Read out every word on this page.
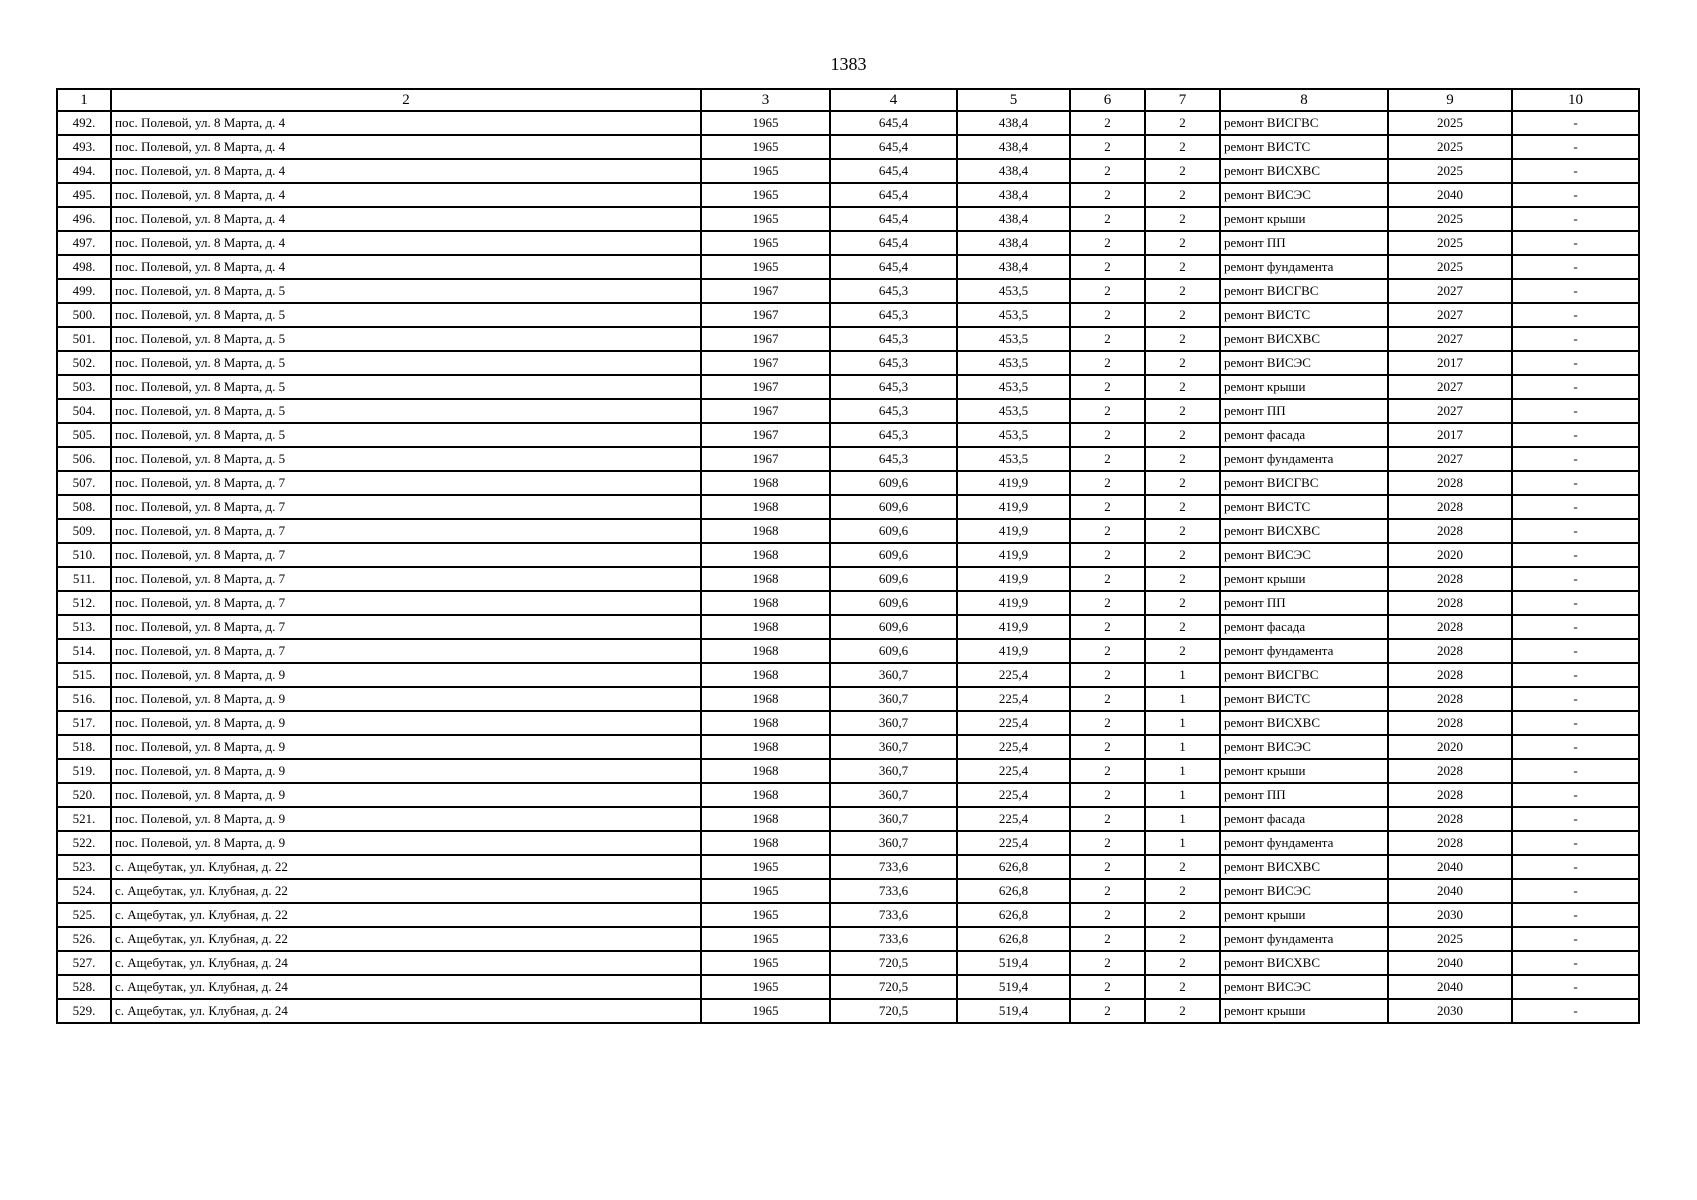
1383
1	2	3	4	5	6	7	8	9	10
492.	пос. Полевой, ул. 8 Марта, д. 4	1965	645,4	438,4	2	2	ремонт ВИСГВС	2025	-
493.	пос. Полевой, ул. 8 Марта, д. 4	1965	645,4	438,4	2	2	ремонт ВИСТС	2025	-
494.	пос. Полевой, ул. 8 Марта, д. 4	1965	645,4	438,4	2	2	ремонт ВИСХВС	2025	-
495.	пос. Полевой, ул. 8 Марта, д. 4	1965	645,4	438,4	2	2	ремонт ВИСЭС	2040	-
496.	пос. Полевой, ул. 8 Марта, д. 4	1965	645,4	438,4	2	2	ремонт крыши	2025	-
497.	пос. Полевой, ул. 8 Марта, д. 4	1965	645,4	438,4	2	2	ремонт ПП	2025	-
498.	пос. Полевой, ул. 8 Марта, д. 4	1965	645,4	438,4	2	2	ремонт фундамента	2025	-
499.	пос. Полевой, ул. 8 Марта, д. 5	1967	645,3	453,5	2	2	ремонт ВИСГВС	2027	-
500.	пос. Полевой, ул. 8 Марта, д. 5	1967	645,3	453,5	2	2	ремонт ВИСТС	2027	-
501.	пос. Полевой, ул. 8 Марта, д. 5	1967	645,3	453,5	2	2	ремонт ВИСХВС	2027	-
502.	пос. Полевой, ул. 8 Марта, д. 5	1967	645,3	453,5	2	2	ремонт ВИСЭС	2017	-
503.	пос. Полевой, ул. 8 Марта, д. 5	1967	645,3	453,5	2	2	ремонт крыши	2027	-
504.	пос. Полевой, ул. 8 Марта, д. 5	1967	645,3	453,5	2	2	ремонт ПП	2027	-
505.	пос. Полевой, ул. 8 Марта, д. 5	1967	645,3	453,5	2	2	ремонт фасада	2017	-
506.	пос. Полевой, ул. 8 Марта, д. 5	1967	645,3	453,5	2	2	ремонт фундамента	2027	-
507.	пос. Полевой, ул. 8 Марта, д. 7	1968	609,6	419,9	2	2	ремонт ВИСГВС	2028	-
508.	пос. Полевой, ул. 8 Марта, д. 7	1968	609,6	419,9	2	2	ремонт ВИСТС	2028	-
509.	пос. Полевой, ул. 8 Марта, д. 7	1968	609,6	419,9	2	2	ремонт ВИСХВС	2028	-
510.	пос. Полевой, ул. 8 Марта, д. 7	1968	609,6	419,9	2	2	ремонт ВИСЭС	2020	-
511.	пос. Полевой, ул. 8 Марта, д. 7	1968	609,6	419,9	2	2	ремонт крыши	2028	-
512.	пос. Полевой, ул. 8 Марта, д. 7	1968	609,6	419,9	2	2	ремонт ПП	2028	-
513.	пос. Полевой, ул. 8 Марта, д. 7	1968	609,6	419,9	2	2	ремонт фасада	2028	-
514.	пос. Полевой, ул. 8 Марта, д. 7	1968	609,6	419,9	2	2	ремонт фундамента	2028	-
515.	пос. Полевой, ул. 8 Марта, д. 9	1968	360,7	225,4	2	1	ремонт ВИСГВС	2028	-
516.	пос. Полевой, ул. 8 Марта, д. 9	1968	360,7	225,4	2	1	ремонт ВИСТС	2028	-
517.	пос. Полевой, ул. 8 Марта, д. 9	1968	360,7	225,4	2	1	ремонт ВИСХВС	2028	-
518.	пос. Полевой, ул. 8 Марта, д. 9	1968	360,7	225,4	2	1	ремонт ВИСЭС	2020	-
519.	пос. Полевой, ул. 8 Марта, д. 9	1968	360,7	225,4	2	1	ремонт крыши	2028	-
520.	пос. Полевой, ул. 8 Марта, д. 9	1968	360,7	225,4	2	1	ремонт ПП	2028	-
521.	пос. Полевой, ул. 8 Марта, д. 9	1968	360,7	225,4	2	1	ремонт фасада	2028	-
522.	пос. Полевой, ул. 8 Марта, д. 9	1968	360,7	225,4	2	1	ремонт фундамента	2028	-
523.	с. Ащебутак, ул. Клубная, д. 22	1965	733,6	626,8	2	2	ремонт ВИСХВС	2040	-
524.	с. Ащебутак, ул. Клубная, д. 22	1965	733,6	626,8	2	2	ремонт ВИСЭС	2040	-
525.	с. Ащебутак, ул. Клубная, д. 22	1965	733,6	626,8	2	2	ремонт крыши	2030	-
526.	с. Ащебутак, ул. Клубная, д. 22	1965	733,6	626,8	2	2	ремонт фундамента	2025	-
527.	с. Ащебутак, ул. Клубная, д. 24	1965	720,5	519,4	2	2	ремонт ВИСХВС	2040	-
528.	с. Ащебутак, ул. Клубная, д. 24	1965	720,5	519,4	2	2	ремонт ВИСЭС	2040	-
529.	с. Ащебутак, ул. Клубная, д. 24	1965	720,5	519,4	2	2	ремонт крыши	2030	-
